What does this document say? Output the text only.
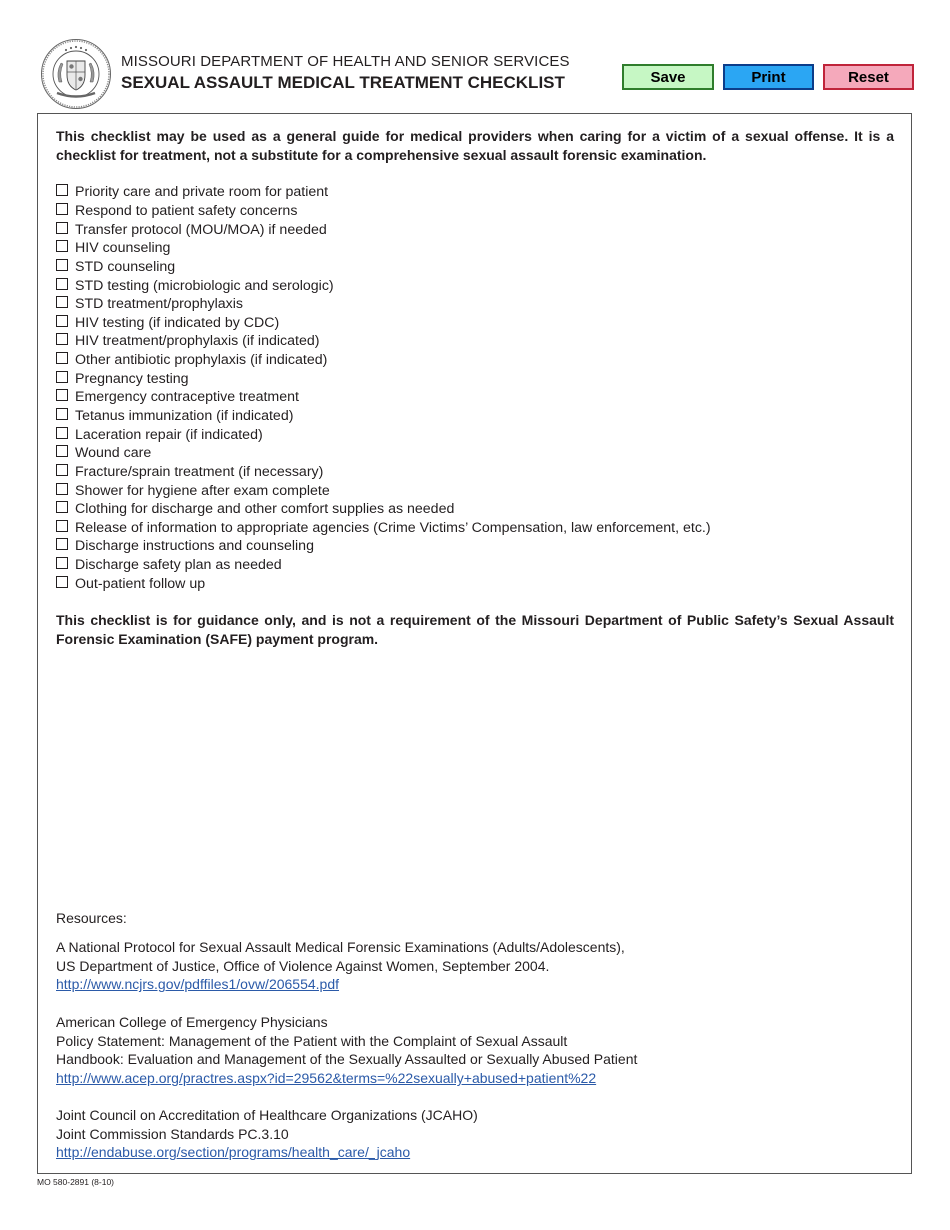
MISSOURI DEPARTMENT OF HEALTH AND SENIOR SERVICES
SEXUAL ASSAULT MEDICAL TREATMENT CHECKLIST	Save	Print	Reset

This checklist may be used as a general guide for medical providers when caring for a victim of a sexual offense. It is a checklist for treatment, not a substitute for a comprehensive sexual assault forensic examination.

Priority care and private room for patient
Respond to patient safety concerns
Transfer protocol (MOU/MOA) if needed
HIV counseling
STD counseling
STD testing (microbiologic and serologic)
STD treatment/prophylaxis
HIV testing (if indicated by CDC)
HIV treatment/prophylaxis (if indicated)
Other antibiotic prophylaxis (if indicated)
Pregnancy testing
Emergency contraceptive treatment
Tetanus immunization (if indicated)
Laceration repair (if indicated)
Wound care
Fracture/sprain treatment (if necessary)
Shower for hygiene after exam complete
Clothing for discharge and other comfort supplies as needed
Release of information to appropriate agencies (Crime Victims’ Compensation, law enforcement, etc.)
Discharge instructions and counseling
Discharge safety plan as needed
Out-patient follow up

This checklist is for guidance only, and is not a requirement of the Missouri Department of Public Safety’s Sexual Assault Forensic Examination (SAFE) payment program.

Resources:
A National Protocol for Sexual Assault Medical Forensic Examinations (Adults/Adolescents),
US Department of Justice, Office of Violence Against Women, September 2004.
http://www.ncjrs.gov/pdffiles1/ovw/206554.pdf
American College of Emergency Physicians
Policy Statement: Management of the Patient with the Complaint of Sexual Assault
Handbook: Evaluation and Management of the Sexually Assaulted or Sexually Abused Patient
http://www.acep.org/practres.aspx?id=29562&terms=%22sexually+abused+patient%22
Joint Council on Accreditation of Healthcare Organizations (JCAHO)
Joint Commission Standards PC.3.10
http://endabuse.org/section/programs/health_care/_jcaho
MO 580-2891 (8-10)
